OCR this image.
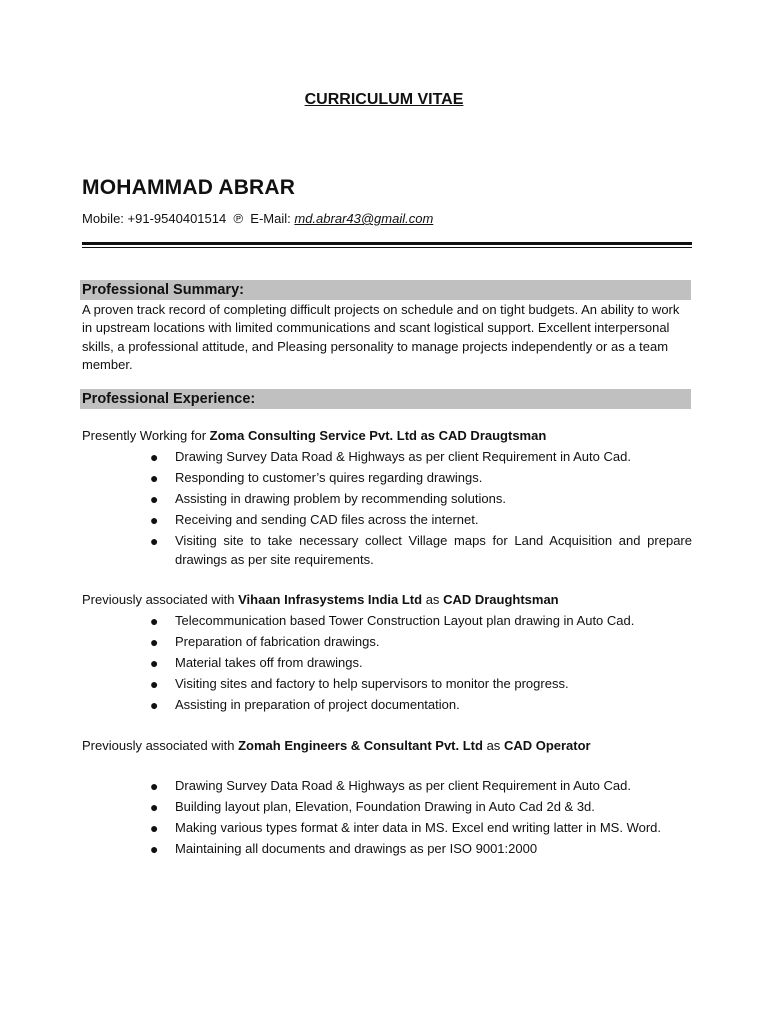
CURRICULUM VITAE
MOHAMMAD ABRAR
Mobile: +91-9540401514 ℗ E-Mail: md.abrar43@gmail.com
Professional Summary:
A proven track record of completing difficult projects on schedule and on tight budgets. An ability to work in upstream locations with limited communications and scant logistical support. Excellent interpersonal skills, a professional attitude, and Pleasing personality to manage projects independently or as a team member.
Professional Experience:
Presently Working for Zoma Consulting Service Pvt. Ltd as CAD Draugtsman
● Drawing Survey Data Road & Highways as per client Requirement in Auto Cad.
● Responding to customer’s quires regarding drawings.
● Assisting in drawing problem by recommending solutions.
● Receiving and sending CAD files across the internet.
● Visiting site to take necessary collect Village maps for Land Acquisition and prepare drawings as per site requirements.
Previously associated with Vihaan Infrasystems India Ltd as CAD Draughtsman
● Telecommunication based Tower Construction Layout plan drawing in Auto Cad.
● Preparation of fabrication drawings.
● Material takes off from drawings.
● Visiting sites and factory to help supervisors to monitor the progress.
● Assisting in preparation of project documentation.
Previously associated with Zomah Engineers & Consultant Pvt. Ltd as CAD Operator
● Drawing Survey Data Road & Highways as per client Requirement in Auto Cad.
● Building layout plan, Elevation, Foundation Drawing in Auto Cad 2d & 3d.
● Making various types format & inter data in MS. Excel end writing latter in MS. Word.
● Maintaining all documents and drawings as per ISO 9001:2000
